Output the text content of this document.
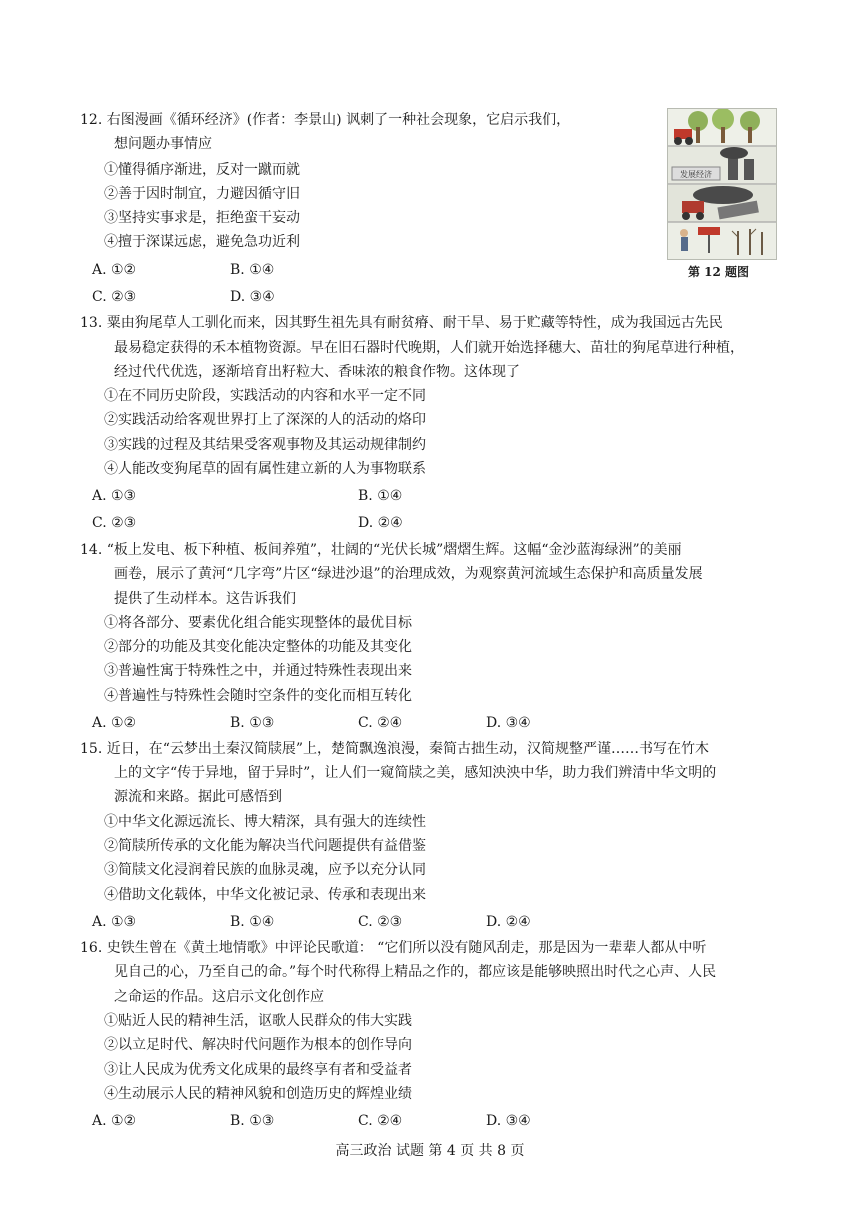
12. 右图漫画《循环经济》(作者：李景山) 讽刺了一种社会现象，它启示我们，
想问题办事情应
①懂得循序渐进，反对一蹴而就
②善于因时制宜，力避因循守旧
③坚持实事求是，拒绝蛮干妄动
④擅于深谋远虑，避免急功近利
A. ①②	B. ①④
C. ②③	D. ③④
发展经济
第 12 题图
13. 粟由狗尾草人工驯化而来，因其野生祖先具有耐贫瘠、耐干旱、易于贮藏等特性，成为我国远古先民
最易稳定获得的禾本植物资源。早在旧石器时代晚期，人们就开始选择穗大、苗壮的狗尾草进行种植，
经过代代优选，逐渐培育出籽粒大、香味浓的粮食作物。这体现了
①在不同历史阶段，实践活动的内容和水平一定不同
②实践活动给客观世界打上了深深的人的活动的烙印
③实践的过程及其结果受客观事物及其运动规律制约
④人能改变狗尾草的固有属性建立新的人为事物联系
A. ①③	B. ①④
C. ②③	D. ②④
14. “板上发电、板下种植、板间养殖”，壮阔的“光伏长城”熠熠生辉。这幅“金沙蓝海绿洲”的美丽
画卷，展示了黄河“几字弯”片区“绿进沙退”的治理成效，为观察黄河流域生态保护和高质量发展
提供了生动样本。这告诉我们
①将各部分、要素优化组合能实现整体的最优目标
②部分的功能及其变化能决定整体的功能及其变化
③普遍性寓于特殊性之中，并通过特殊性表现出来
④普遍性与特殊性会随时空条件的变化而相互转化
A. ①②	B. ①③	C. ②④	D. ③④
15. 近日，在“云梦出土秦汉简牍展”上，楚简飘逸浪漫，秦简古拙生动，汉简规整严谨……书写在竹木
上的文字“传于异地，留于异时”，让人们一窥简牍之美，感知泱泱中华，助力我们辨清中华文明的
源流和来路。据此可感悟到
①中华文化源远流长、博大精深，具有强大的连续性
②简牍所传承的文化能为解决当代问题提供有益借鉴
③简牍文化浸润着民族的血脉灵魂，应予以充分认同
④借助文化载体，中华文化被记录、传承和表现出来
A. ①③	B. ①④	C. ②③	D. ②④
16. 史铁生曾在《黄土地情歌》中评论民歌道： “它们所以没有随风刮走，那是因为一辈辈人都从中听
见自己的心，乃至自己的命。”每个时代称得上精品之作的，都应该是能够映照出时代之心声、人民
之命运的作品。这启示文化创作应
①贴近人民的精神生活，讴歌人民群众的伟大实践
②以立足时代、解决时代问题作为根本的创作导向
③让人民成为优秀文化成果的最终享有者和受益者
④生动展示人民的精神风貌和创造历史的辉煌业绩
A. ①②	B. ①③	C. ②④	D. ③④
高三政治 试题 第 4 页 共 8 页
